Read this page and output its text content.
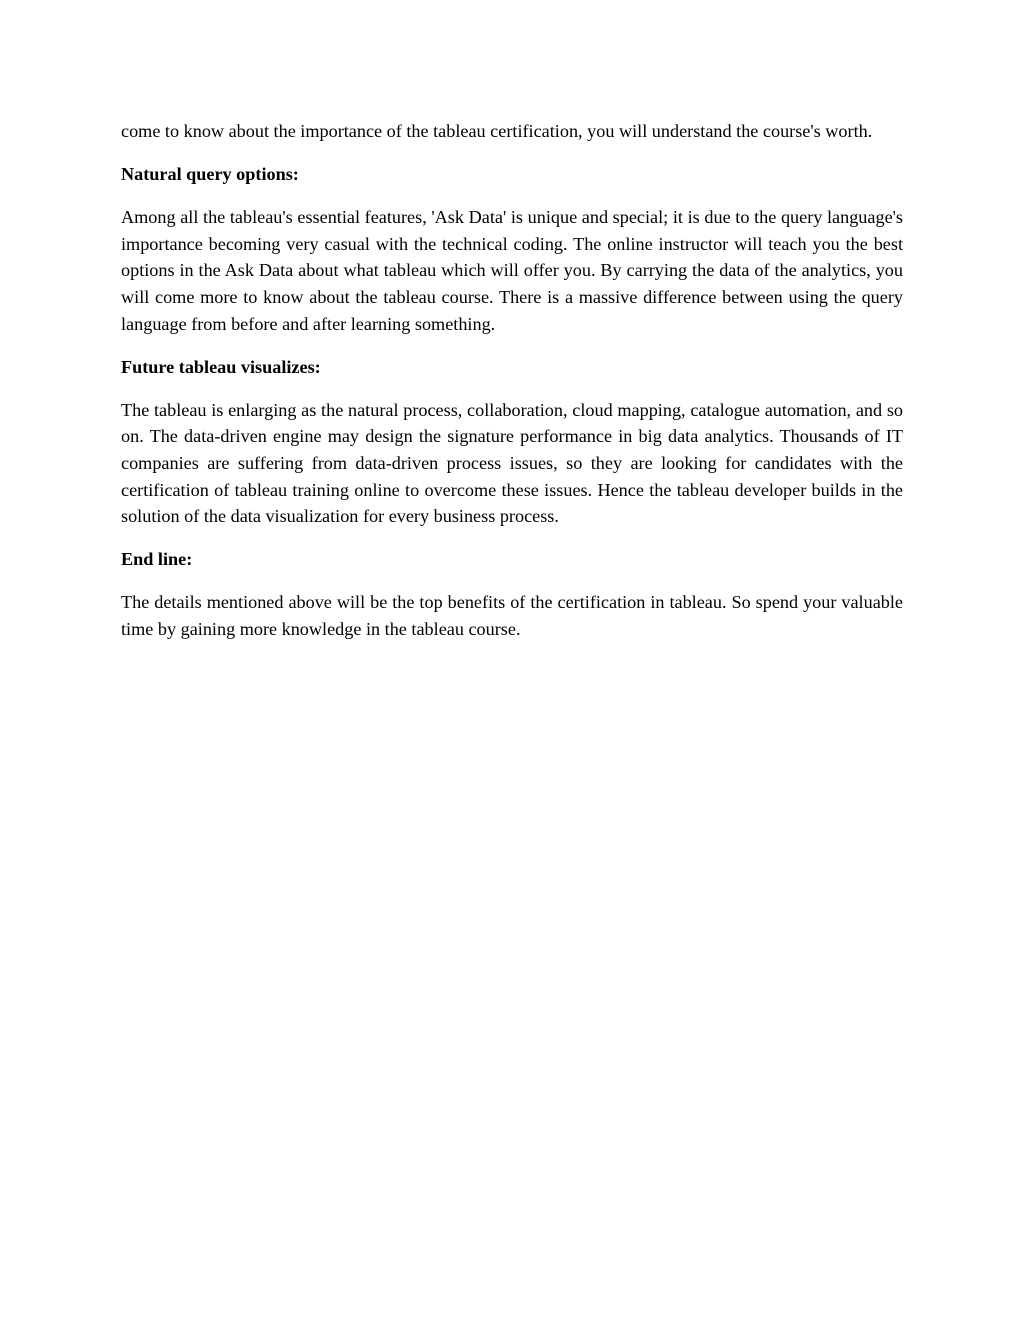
come to know about the importance of the tableau certification, you will understand the course's worth.

Natural query options:

Among all the tableau's essential features, 'Ask Data' is unique and special; it is due to the query language's importance becoming very casual with the technical coding. The online instructor will teach you the best options in the Ask Data about what tableau which will offer you. By carrying the data of the analytics, you will come more to know about the tableau course. There is a massive difference between using the query language from before and after learning something.

Future tableau visualizes:

The tableau is enlarging as the natural process, collaboration, cloud mapping, catalogue automation, and so on. The data-driven engine may design the signature performance in big data analytics. Thousands of IT companies are suffering from data-driven process issues, so they are looking for candidates with the certification of tableau training online to overcome these issues. Hence the tableau developer builds in the solution of the data visualization for every business process.

End line:

The details mentioned above will be the top benefits of the certification in tableau. So spend your valuable time by gaining more knowledge in the tableau course.
